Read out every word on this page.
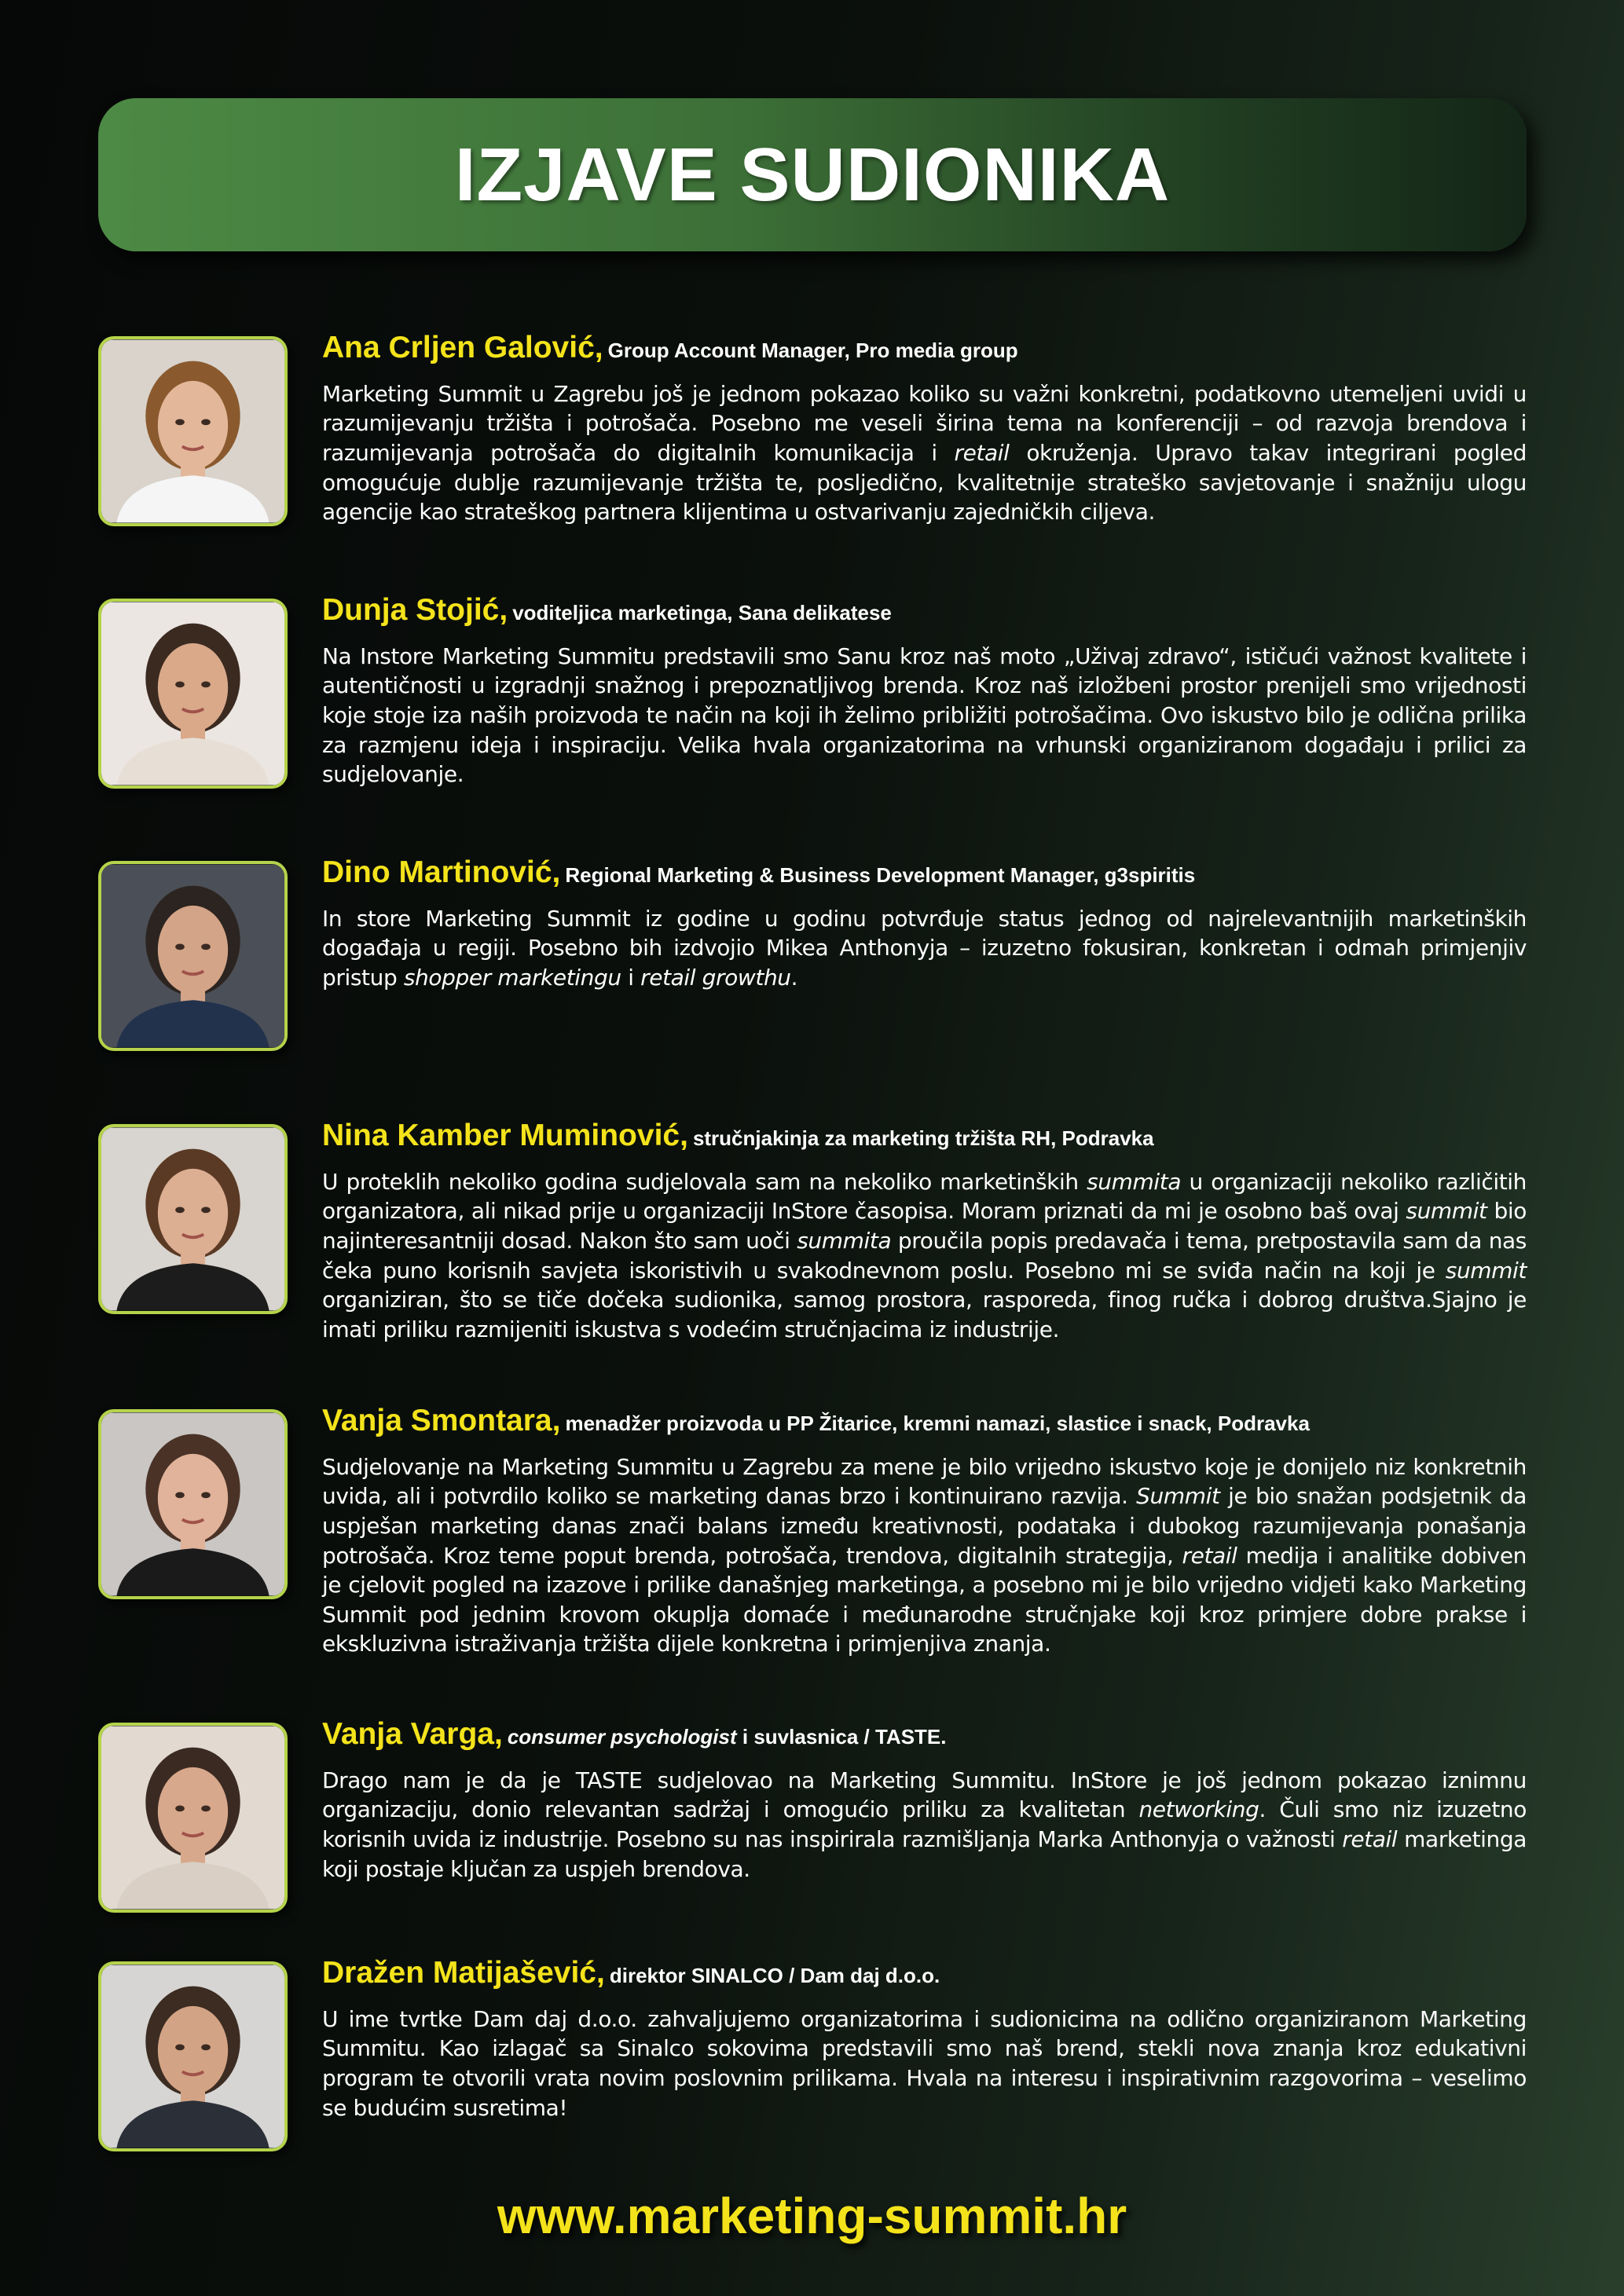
IZJAVE SUDIONIKA

Ana Crljen Galović, Group Account Manager, Pro media group

Marketing Summit u Zagrebu još je jednom pokazao koliko su važni konkretni, podatkovno utemeljeni uvidi u razumijevanju tržišta i potrošača. Posebno me veseli širina tema na konferenciji – od razvoja brendova i razumijevanja potrošača do digitalnih komunikacija i retail okruženja. Upravo takav integrirani pogled omogućuje dublje razumijevanje tržišta te, posljedično, kvalitetnije strateško savjetovanje i snažniju ulogu agencije kao strateškog partnera klijentima u ostvarivanju zajedničkih ciljeva.

Dunja Stojić, voditeljica marketinga, Sana delikatese

Na Instore Marketing Summitu predstavili smo Sanu kroz naš moto „Uživaj zdravo“, ističući važnost kvalitete i autentičnosti u izgradnji snažnog i prepoznatljivog brenda. Kroz naš izložbeni prostor prenijeli smo vrijednosti koje stoje iza naših proizvoda te način na koji ih želimo približiti potrošačima. Ovo iskustvo bilo je odlična prilika za razmjenu ideja i inspiraciju. Velika hvala organizatorima na vrhunski organiziranom događaju i prilici za sudjelovanje.

Dino Martinović, Regional Marketing & Business Development Manager, g3spiritis

In store Marketing Summit iz godine u godinu potvrđuje status jednog od najrelevantnijih marketinških događaja u regiji. Posebno bih izdvojio Mikea Anthonyja – izuzetno fokusiran, konkretan i odmah primjenjiv pristup shopper marketingu i retail growthu.

Nina Kamber Muminović, stručnjakinja za marketing tržišta RH, Podravka

U proteklih nekoliko godina sudjelovala sam na nekoliko marketinških summita u organizaciji nekoliko različitih organizatora, ali nikad prije u organizaciji InStore časopisa. Moram priznati da mi je osobno baš ovaj summit bio najinteresantniji dosad. Nakon što sam uoči summita proučila popis predavača i tema, pretpostavila sam da nas čeka puno korisnih savjeta iskoristivih u svakodnevnom poslu. Posebno mi se sviđa način na koji je summit organiziran, što se tiče dočeka sudionika, samog prostora, rasporeda, finog ručka i dobrog društva.Sjajno je imati priliku razmijeniti iskustva s vodećim stručnjacima iz industrije.

Vanja Smontara, menadžer proizvoda u PP Žitarice, kremni namazi, slastice i snack, Podravka

Sudjelovanje na Marketing Summitu u Zagrebu za mene je bilo vrijedno iskustvo koje je donijelo niz konkretnih uvida, ali i potvrdilo koliko se marketing danas brzo i kontinuirano razvija. Summit je bio snažan podsjetnik da uspješan marketing danas znači balans između kreativnosti, podataka i dubokog razumijevanja ponašanja potrošača. Kroz teme poput brenda, potrošača, trendova, digitalnih strategija, retail medija i analitike dobiven je cjelovit pogled na izazove i prilike današnjeg marketinga, a posebno mi je bilo vrijedno vidjeti kako Marketing Summit pod jednim krovom okuplja domaće i međunarodne stručnjake koji kroz primjere dobre prakse i ekskluzivna istraživanja tržišta dijele konkretna i primjenjiva znanja.

Vanja Varga, consumer psychologist i suvlasnica / TASTE.

Drago nam je da je TASTE sudjelovao na Marketing Summitu. InStore je još jednom pokazao iznimnu organizaciju, donio relevantan sadržaj i omogućio priliku za kvalitetan networking. Čuli smo niz izuzetno korisnih uvida iz industrije. Posebno su nas inspirirala razmišljanja Marka Anthonyja o važnosti retail marketinga koji postaje ključan za uspjeh brendova.

Dražen Matijašević, direktor SINALCO / Dam daj d.o.o.

U ime tvrtke Dam daj d.o.o. zahvaljujemo organizatorima i sudionicima na odlično organiziranom Marketing Summitu. Kao izlagač sa Sinalco sokovima predstavili smo naš brend, stekli nova znanja kroz edukativni program te otvorili vrata novim poslovnim prilikama. Hvala na interesu i inspirativnim razgovorima – veselimo se budućim susretima!

www.marketing-summit.hr
